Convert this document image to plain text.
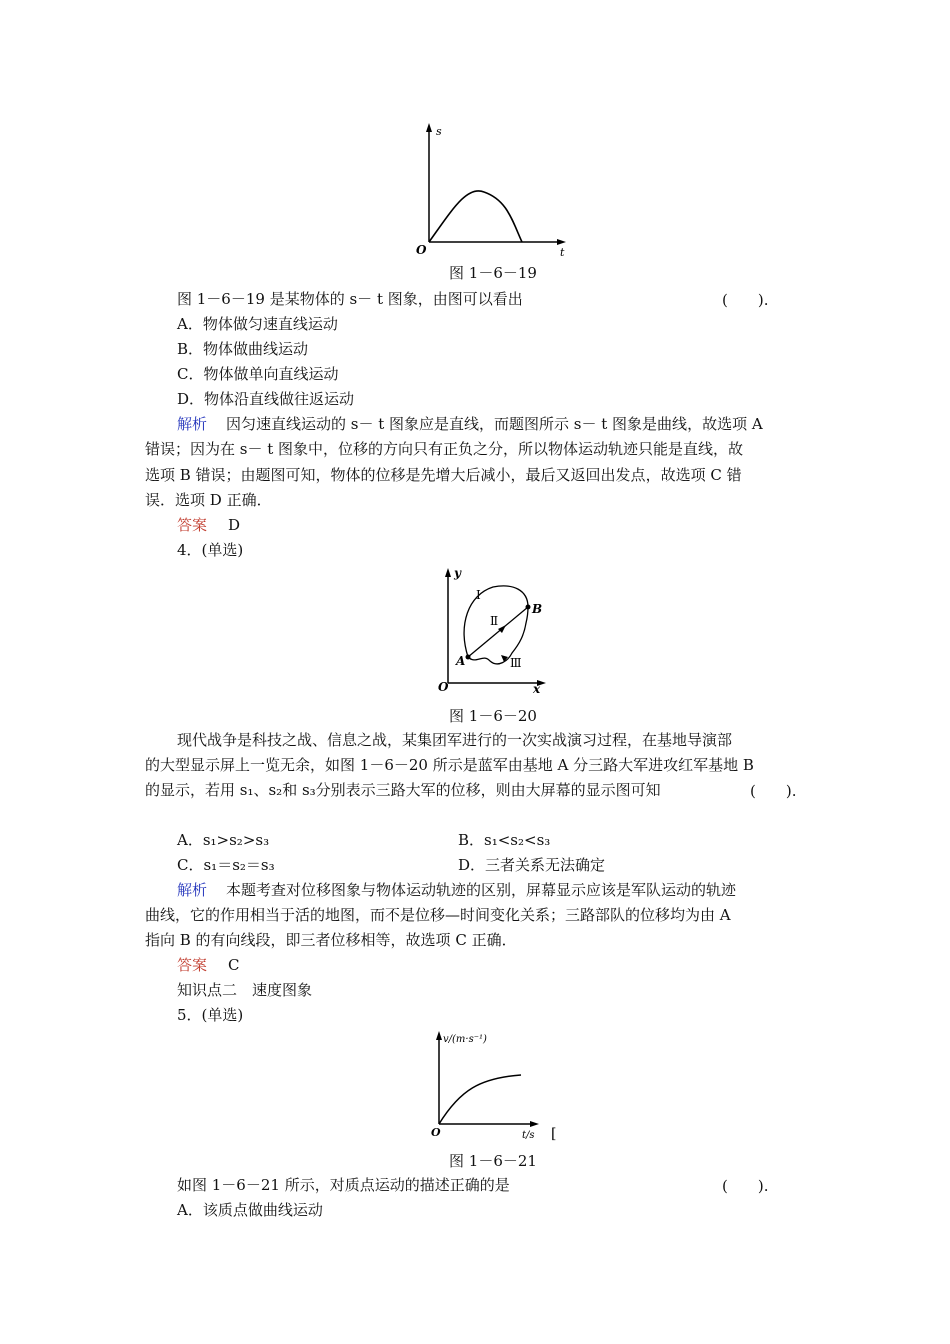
s
t
O
图 1－6－19
图 1－6－19 是某物体的 s－ t 图象，由图可以看出	(　　).
A．物体做匀速直线运动
B．物体做曲线运动
C．物体做单向直线运动
D．物体沿直线做往返运动
解析 因匀速直线运动的 s－ t 图象应是直线，而题图所示 s－ t 图象是曲线，故选项 A
错误；因为在 s－ t 图象中，位移的方向只有正负之分，所以物体运动轨迹只能是直线，故
选项 B 错误；由题图可知，物体的位移是先增大后减小，最后又返回出发点，故选项 C 错
误．选项 D 正确．
答案 D
4．(单选)
y
x
O
A
B
Ⅰ
Ⅱ
Ⅲ
图 1－6－20
现代战争是科技之战、信息之战，某集团军进行的一次实战演习过程，在基地导演部
的大型显示屏上一览无余，如图 1－6－20 所示是蓝军由基地 A 分三路大军进攻红军基地 B
的显示，若用 s₁、s₂和 s₃分别表示三路大军的位移，则由大屏幕的显示图可知	(　　).
A．s₁>s₂>s₃	B．s₁<s₂<s₃
C．s₁＝s₂＝s₃	D．三者关系无法确定
解析 本题考查对位移图象与物体运动轨迹的区别，屏幕显示应该是军队运动的轨迹
曲线，它的作用相当于活的地图，而不是位移—时间变化关系；三路部队的位移均为由 A
指向 B 的有向线段，即三者位移相等，故选项 C 正确．
答案 C
知识点二　速度图象
5．(单选)
v/(m·s⁻¹)
t/s
O	[
图 1－6－21
如图 1－6－21 所示，对质点运动的描述正确的是	(　　).
A．该质点做曲线运动
